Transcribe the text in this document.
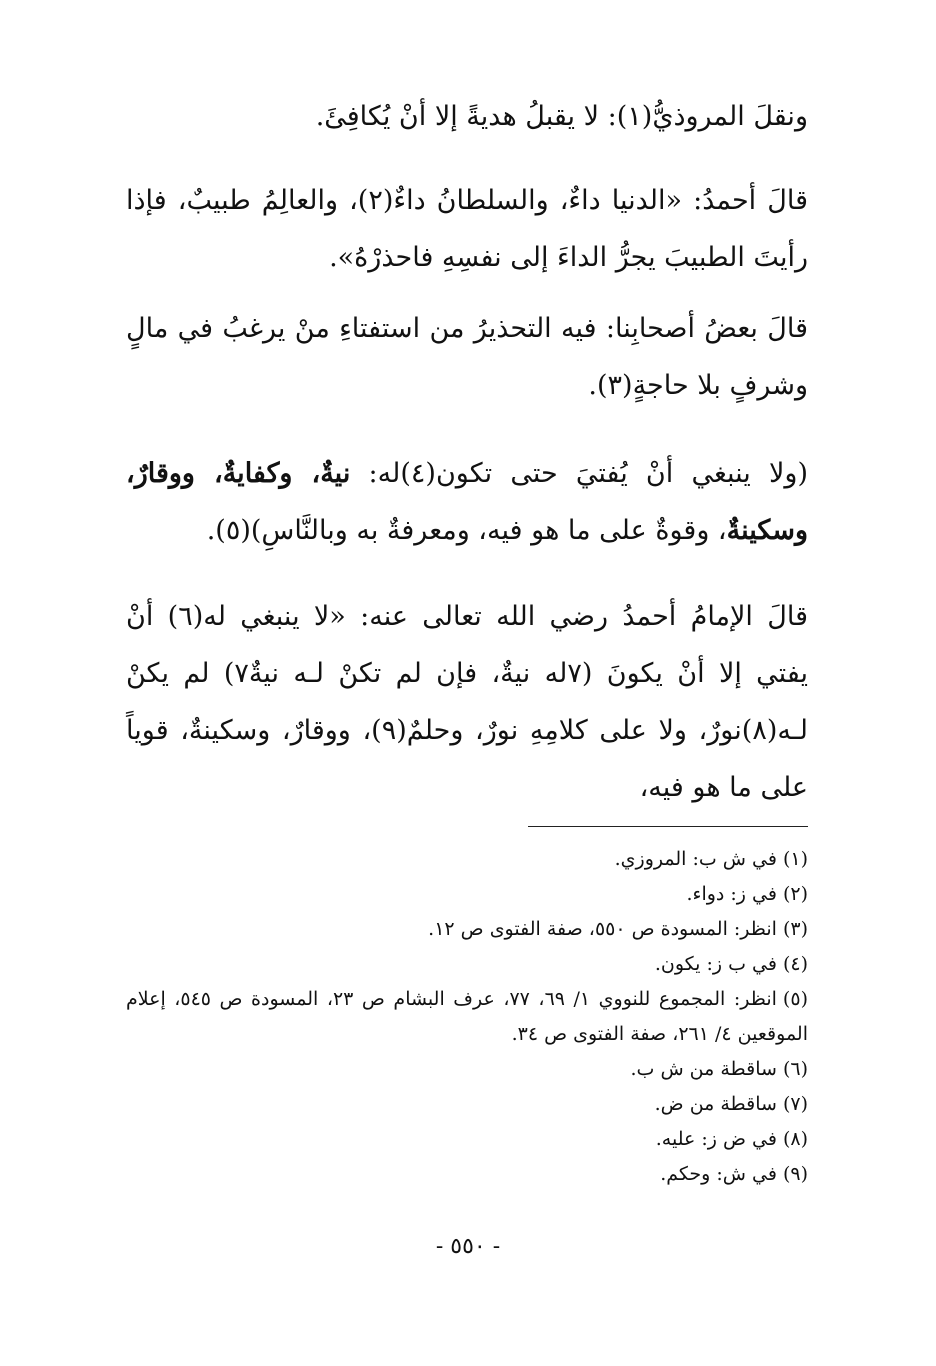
ونقلَ المروذيُّ(١): لا يقبلُ هديةً إلا أنْ يُكافِئَ.

قالَ أحمدُ: «الدنيا داءٌ، والسلطانُ داءٌ(٢)، والعالِمُ طبيبٌ، فإذا رأيتَ الطبيبَ يجرُّ الداءَ إلى نفسِهِ فاحذرْهُ».

قالَ بعضُ أصحابِنا: فيه التحذيرُ من استفتاءِ منْ يرغبُ في مالٍ وشرفٍ بلا حاجةٍ(٣).

(ولا ينبغي أنْ يُفتيَ حتى تكون(٤)له: نيةٌ، وكفايةٌ، ووقارٌ، وسكينةٌ، وقوةٌ على ما هو فيه، ومعرفةٌ به وبالنَّاسِ)(٥).

قالَ الإمامُ أحمدُ رضي الله تعالى عنه: «لا ينبغي له(٦) أنْ يفتي إلا أنْ يكونَ (٧له نيةٌ، فإن لم تكنْ لـه نيةٌ٧) لم يكنْ لـه(٨)نورٌ، ولا على كلامِهِ نورٌ، وحلمٌ(٩)، ووقارٌ، وسكينةٌ، قوياً على ما هو فيه،

(١)في ش ب: المروزي.
(٢)في ز: دواء.
(٣)انظر: المسودة ص ٥٥٠، صفة الفتوى ص ١٢.
(٤)في ب ز: يكون.
(٥)انظر: المجموع للنووي ١/ ٦٩، ٧٧، عرف البشام ص ٢٣، المسودة ص ٥٤٥، إعلام الموقعين ٤/ ٢٦١، صفة الفتوى ص ٣٤.
(٦)ساقطة من ش ب.
(٧)ساقطة من ض.
(٨)في ض ز: عليه.
(٩)في ش: وحكم.
- ٥٥٠ -
